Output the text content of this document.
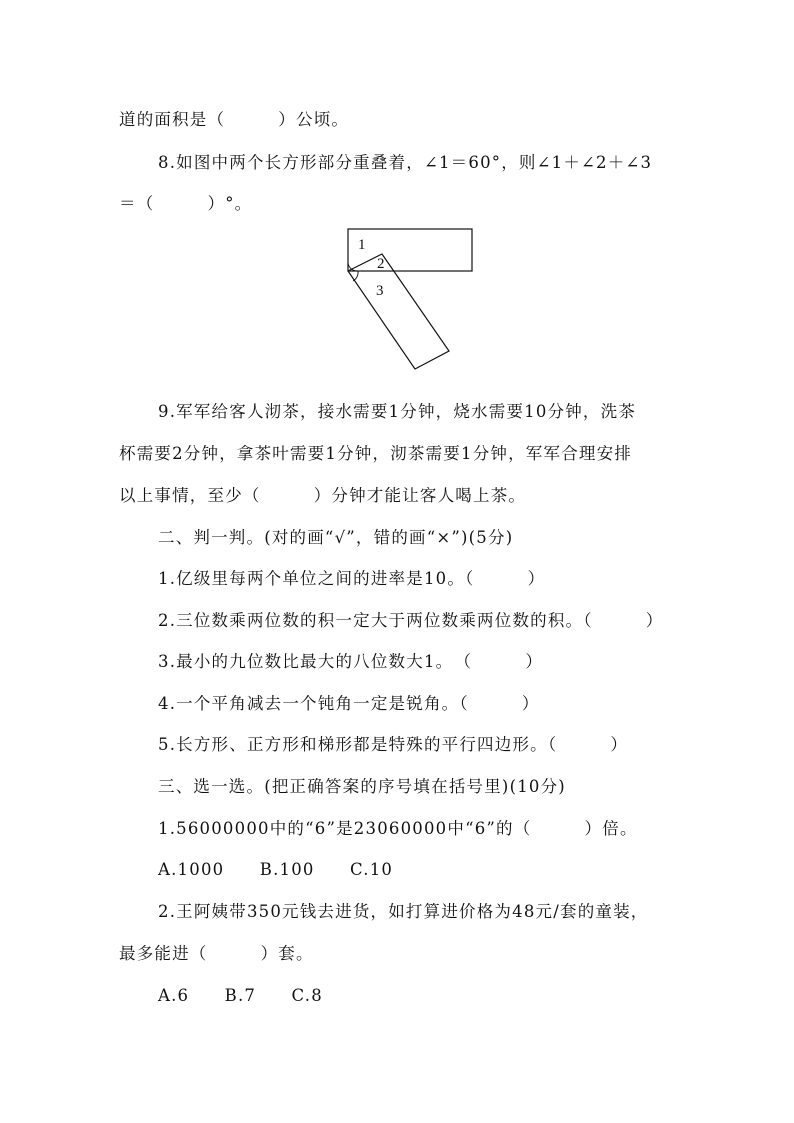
道的面积是（　　　）公顷。
8.如图中两个长方形部分重叠着，∠1＝60°，则∠1＋∠2＋∠3
＝（　　　）°。
1
2
3
9.军军给客人沏茶，接水需要1分钟，烧水需要10分钟，洗茶
杯需要2分钟，拿茶叶需要1分钟，沏茶需要1分钟，军军合理安排
以上事情，至少（　　　）分钟才能让客人喝上茶。
二、判一判。(对的画“√”，错的画“×”)(5分)
1.亿级里每两个单位之间的进率是10。（　　　）
2.三位数乘两位数的积一定大于两位数乘两位数的积。（　　　）
3.最小的九位数比最大的八位数大1。　（　　　）
4.一个平角减去一个钝角一定是锐角。（　　　）
5.长方形、正方形和梯形都是特殊的平行四边形。（　　　）
三、选一选。(把正确答案的序号填在括号里)(10分)
1.56000000中的“6”是23060000中“6”的（　　　）倍。
A.1000　　B.100　　C.10
2.王阿姨带350元钱去进货，如打算进价格为48元/套的童装，
最多能进（　　　）套。
A.6　　B.7　　C.8
